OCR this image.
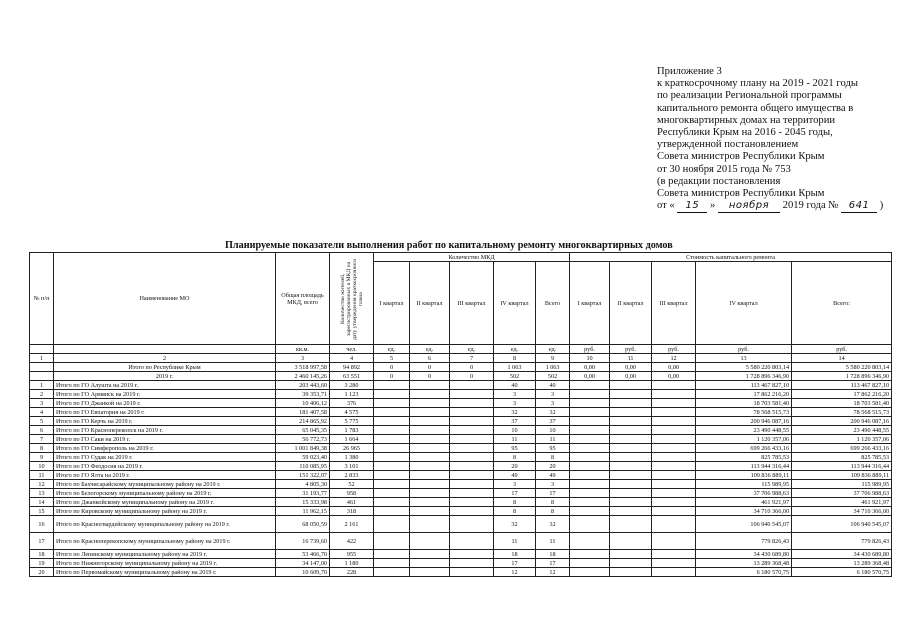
Приложение 3
к краткосрочному плану на 2019 - 2021 годы
по реализации Региональной программы
капитального ремонта общего имущества в
многоквартирных домах на территории
Республики Крым на 2016 - 2045 годы,
утвержденной постановлением
Совета министров Республики Крым
от 30 ноября 2015 года № 753
(в редакции постановления
Совета министров Республики Крым
от « 15 » ноября 2019 года № 641 )
Планируемые показатели выполнения работ по капитальному ремонту многоквартирных домов
№ п/п	Наименование МО	Общая площадь МКД, всего	Количество жителей, зарегистрированных в МКД на дату утверждения краткосрочного плана	Количество МКД					Стоимость капитального ремонта				
				I квартал	II квартал	III квартал	IV квартал	Всего	I квартал	II квартал	III квартал	IV квартал	Всего:
		кв.м.	чел.	ед.	ед.	ед.	ед.	ед.	руб.	руб.	руб.	руб.	руб.
1	2	3	4	5	6	7	8	9	10	11	12	13	14
	Итого по Республике Крым	3 518 997,58	94 892	0	0	0	1 063	1 063	0,00	0,00	0,00	5 580 220 803,14	5 580 220 803,14
	2019 г.	2 460 145,26	63 551	0	0	0	502	502	0,00	0,00	0,00	1 728 896 346,90	1 728 896 346,90
1	Итого по ГО Алушта на 2019 г.	203 443,60	3 280				40	40				113 467 827,10	113 467 827,10
2	Итого по ГО Армянск на 2019 г.	39 353,71	1 123				3	3				17 862 216,20	17 862 216,20
3	Итого по ГО Джанкой на 2019 г.	10 406,12	376				3	3				18 703 581,40	18 703 581,40
4	Итого по ГО Евпатория на 2019 г.	181 407,58	4 575				32	32				78 568 515,73	78 568 515,73
5	Итого по ГО Керчь на 2019 г.	214 865,92	5 775				37	37				200 946 087,16	200 946 087,16
6	Итого по ГО Красноперекопск на 2019 г.	65 045,35	1 783				10	10				23 490 448,55	23 490 448,55
7	Итого по ГО Саки на 2019 г.	56 772,73	1 664				11	11				1 120 357,06	1 120 357,06
8	Итого по ГО Симферополь на 2019 г.	1 001 849,38	26 965				95	95				699 266 433,16	699 266 433,16
9	Итого по ГО Судак на 2019 г.	59 023,40	1 380				8	8				825 785,53	825 785,53
10	Итого по ГО Феодосия на 2019 г.	110 085,95	3 101				20	20				113 944 316,44	113 944 316,44
11	Итого по ГО Ялта на 2019 г.	151 322,07	2 833				49	49				109 836 889,11	109 836 889,11
12	Итого по Бахчисарайскому муниципальному району на 2019 г.	4 805,30	52				3	3				115 989,95	115 989,95
13	Итого по Белогорскому муниципальному району на 2019 г.	31 193,77	958				17	17				37 706 988,63	37 706 988,63
14	Итого по Джанкойскому муниципальному району на 2019 г.	15 333,98	461				8	8				461 921,97	461 921,97
15	Итого по Кировскому муниципальному району на 2019 г.	11 962,15	318				8	8				34 710 366,00	34 710 366,00
16	Итого по Красногвардейскому муниципальному району на 2019 г.	68 050,59	2 161				32	32				106 940 545,07	106 940 545,07
17	Итого по Красноперекопскому муниципальному району на 2019 г.	16 739,60	422				11	11				779 826,43	779 826,43
18	Итого по Ленинскому муниципальному району на 2019 г.	53 466,70	955				18	18				34 430 689,80	34 430 689,80
19	Итого по Нижнегорскому муниципальному району на 2019 г.	34 147,00	1 180				17	17				13 289 368,48	13 289 368,48
20	Итого по Первомайскому муниципальному району на 2019 г.	10 609,70	228				12	12				6 180 570,75	6 180 570,75
